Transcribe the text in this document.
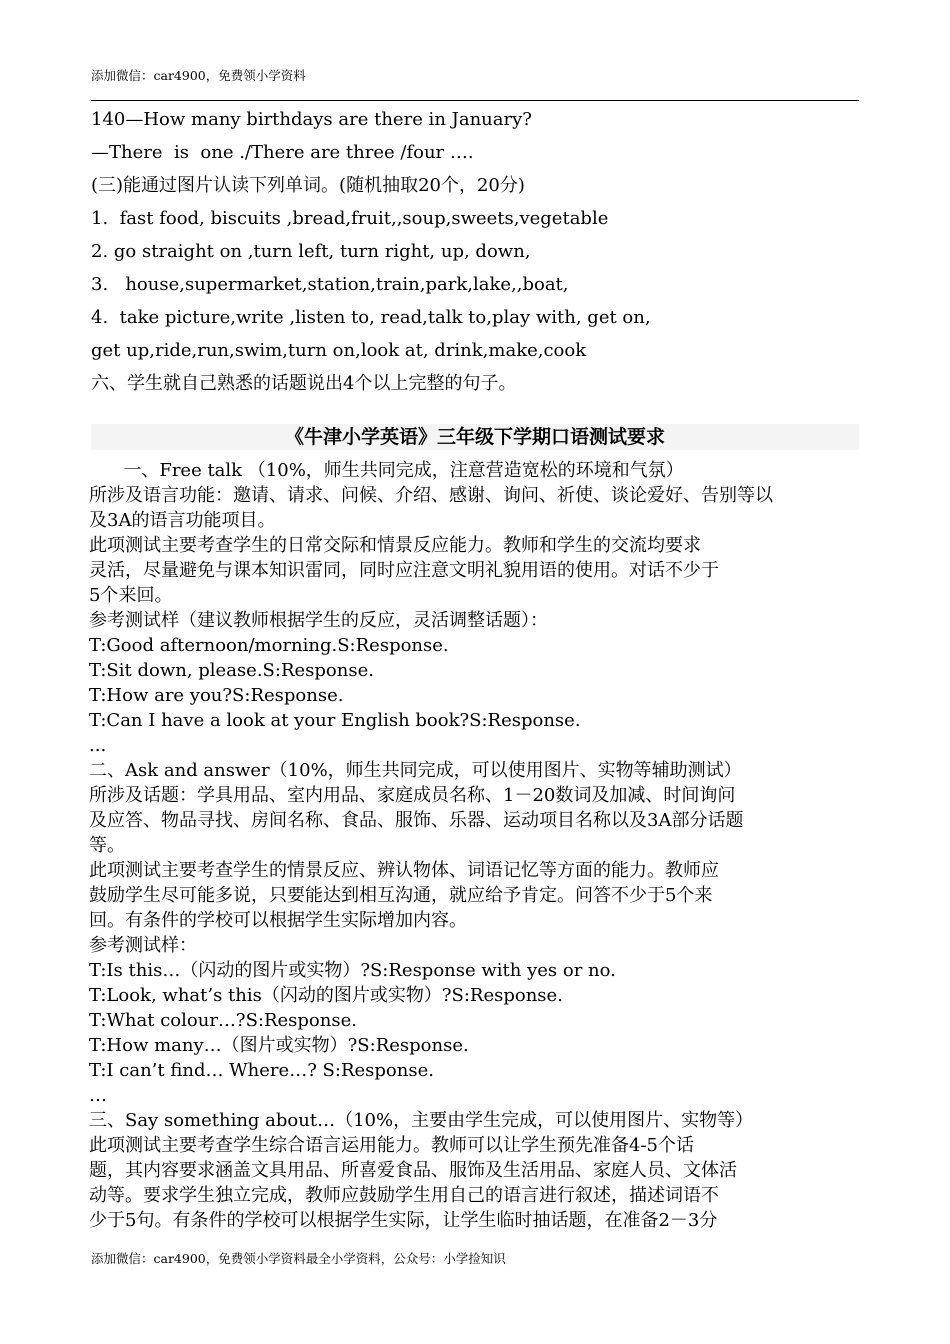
添加微信：car4900，免费领小学资料
140—How many birthdays are there in January?
—There  is  one ./There are three /four ….
(三)能通过图片认读下列单词。(随机抽取20个，20分)
1.  fast food, biscuits ,bread,fruit,,soup,sweets,vegetable
2. go straight on ,turn left, turn right, up, down,
3.   house,supermarket,station,train,park,lake,,boat,
4.  take picture,write ,listen to, read,talk to,play with, get on,
get up,ride,run,swim,turn on,look at, drink,make,cook
六、学生就自己熟悉的话题说出4个以上完整的句子。
《牛津小学英语》三年级下学期口语测试要求
一、Free talk （10%，师生共同完成，注意营造宽松的环境和气氛）
所涉及语言功能：邀请、请求、问候、介绍、感谢、询问、祈使、谈论爱好、告别等以
及3A的语言功能项目。
此项测试主要考查学生的日常交际和情景反应能力。教师和学生的交流均要求
灵活，尽量避免与课本知识雷同，同时应注意文明礼貌用语的使用。对话不少于
5个来回。
参考测试样（建议教师根据学生的反应，灵活调整话题）：
T:Good afternoon/morning.S:Response.
T:Sit down, please.S:Response.
T:How are you?S:Response.
T:Can I have a look at your English book?S:Response.
...
二、Ask and answer（10%，师生共同完成，可以使用图片、实物等辅助测试）
所涉及话题：学具用品、室内用品、家庭成员名称、1－20数词及加减、时间询问
及应答、物品寻找、房间名称、食品、服饰、乐器、运动项目名称以及3A部分话题
等。
此项测试主要考查学生的情景反应、辨认物体、词语记忆等方面的能力。教师应
鼓励学生尽可能多说，只要能达到相互沟通，就应给予肯定。问答不少于5个来
回。有条件的学校可以根据学生实际增加内容。
参考测试样：
T:Is this…（闪动的图片或实物）?S:Response with yes or no.
T:Look, what’s this（闪动的图片或实物）?S:Response.
T:What colour…?S:Response.
T:How many…（图片或实物）?S:Response.
T:I can’t find… Where…? S:Response.
…
三、Say something about…（10%，主要由学生完成，可以使用图片、实物等）
此项测试主要考查学生综合语言运用能力。教师可以让学生预先准备4-5个话
题，其内容要求涵盖文具用品、所喜爱食品、服饰及生活用品、家庭人员、文体活
动等。要求学生独立完成，教师应鼓励学生用自己的语言进行叙述，描述词语不
少于5句。有条件的学校可以根据学生实际，让学生临时抽话题，在准备2－3分
添加微信：car4900，免费领小学资料最全小学资料，公众号：小学捡知识
